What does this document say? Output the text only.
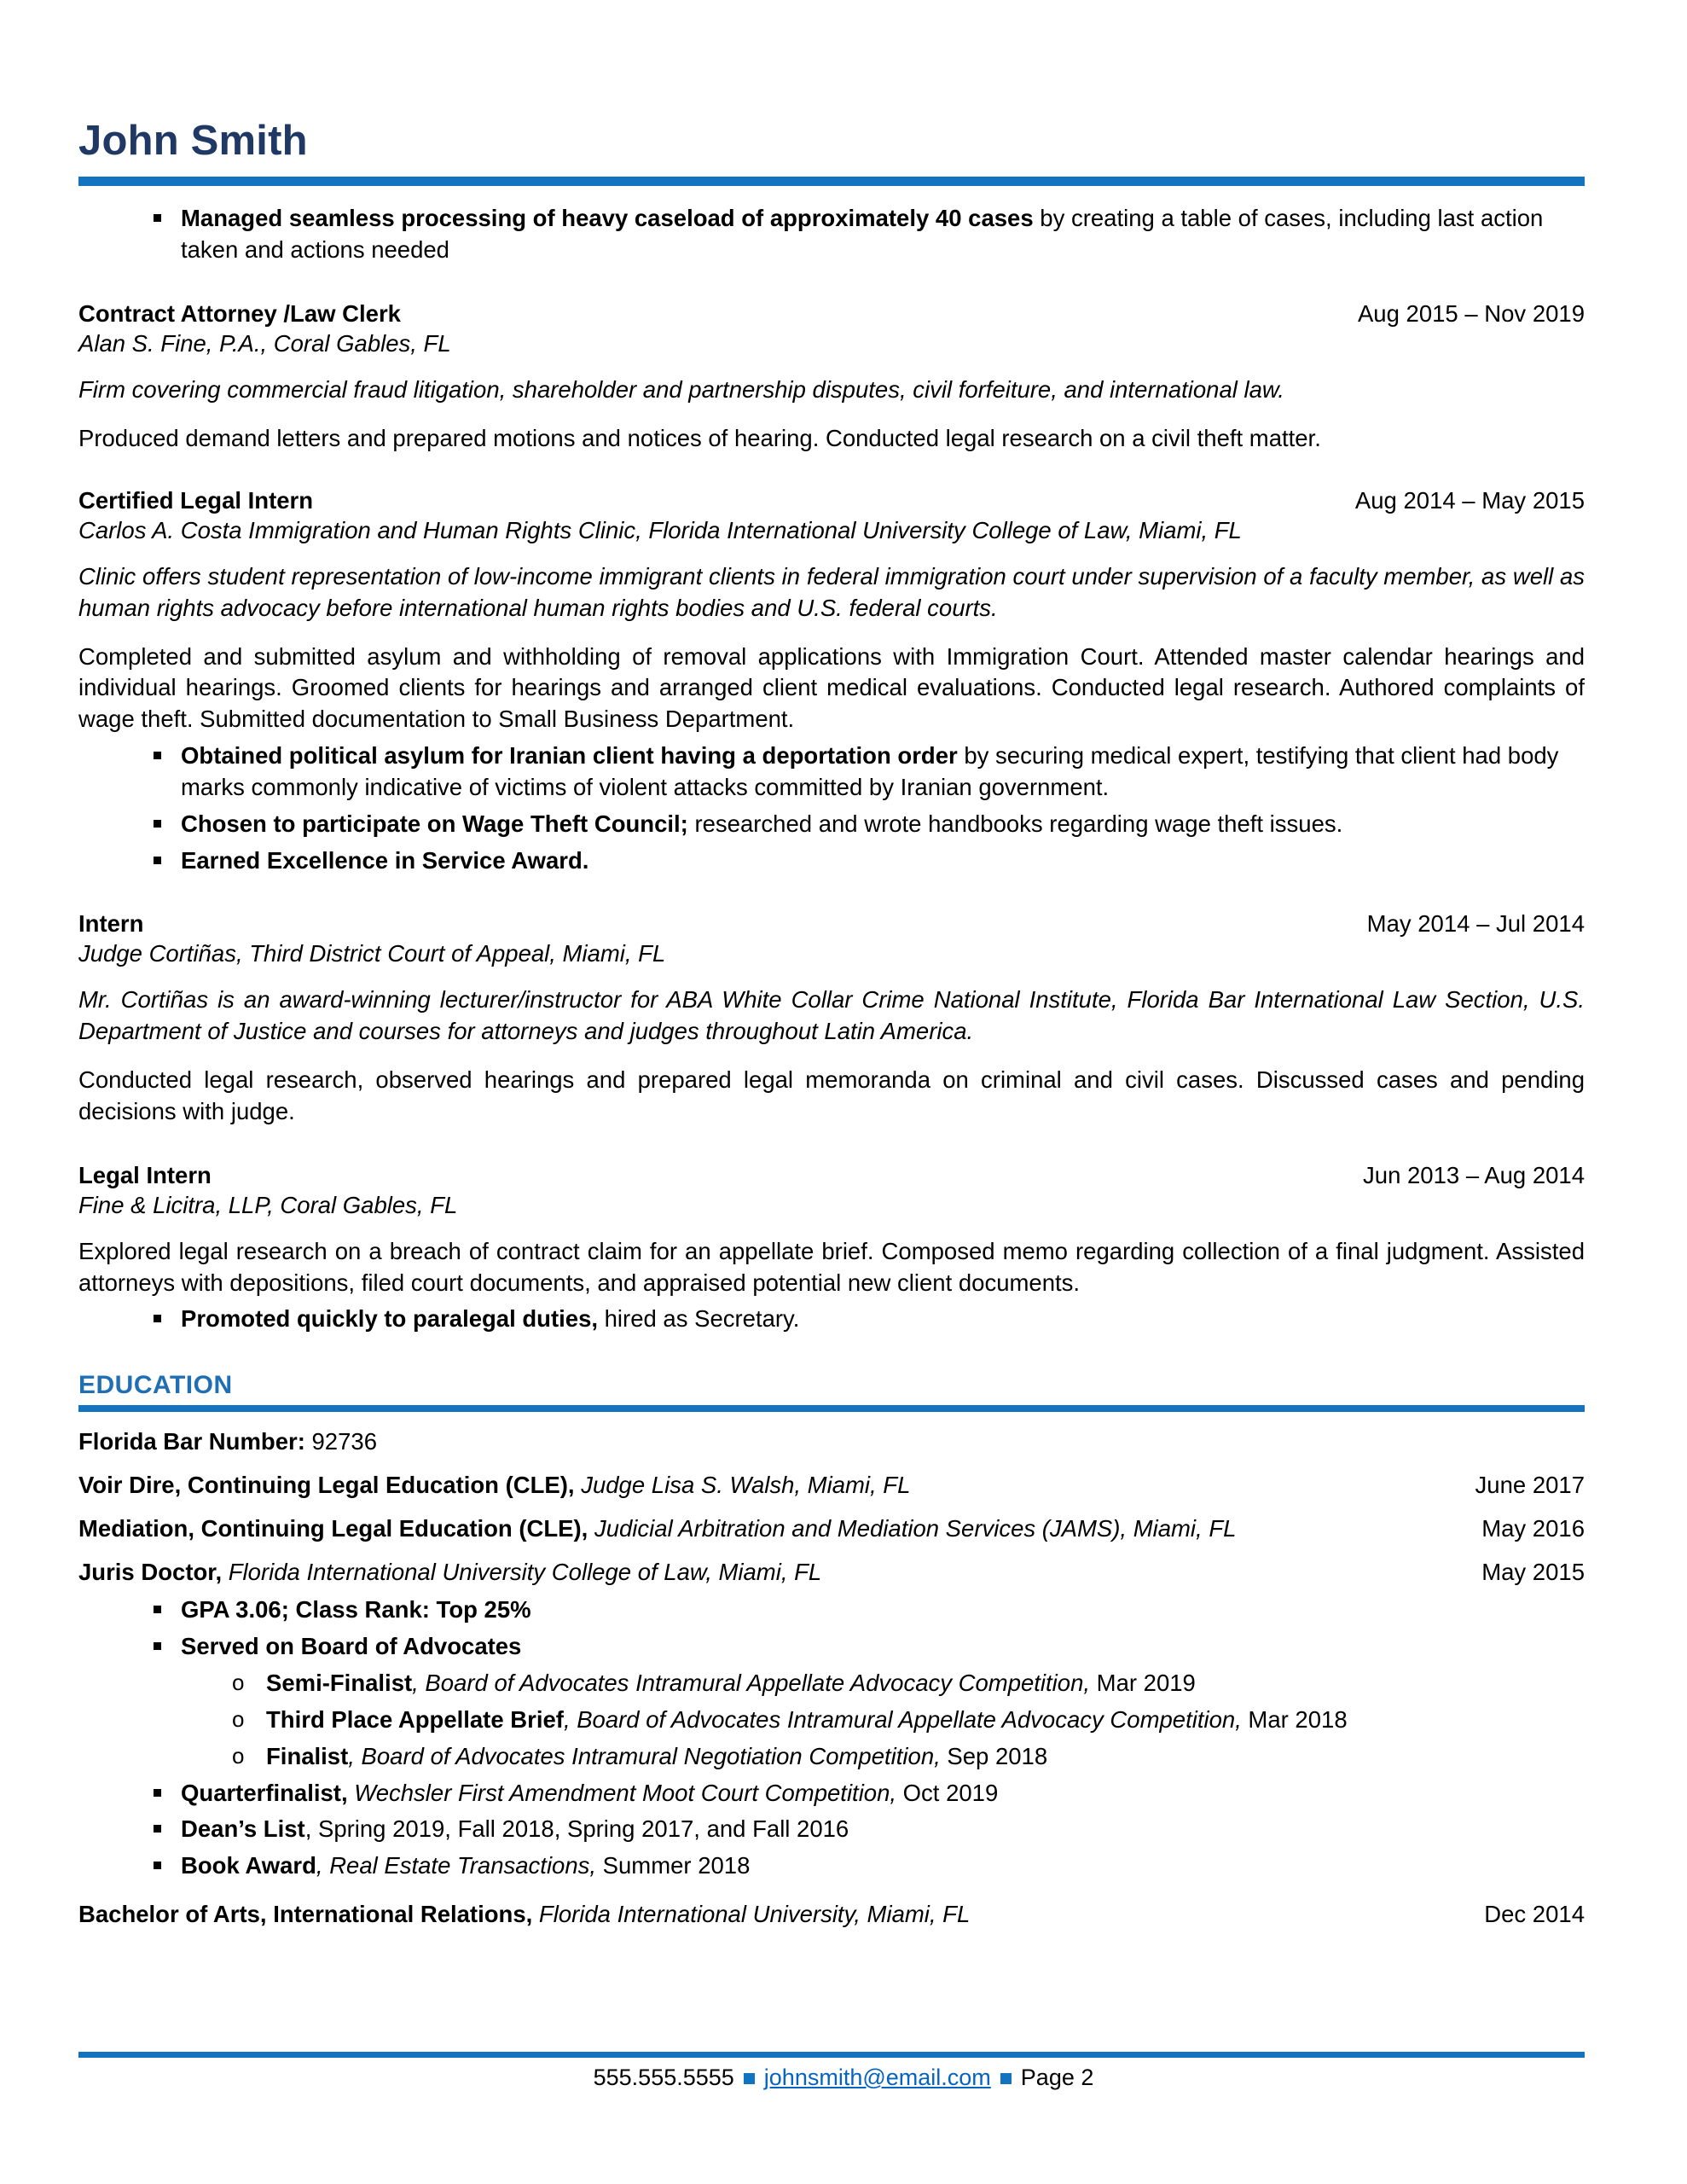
John Smith
Managed seamless processing of heavy caseload of approximately 40 cases by creating a table of cases, including last action taken and actions needed
Contract Attorney /Law Clerk	Aug 2015 – Nov 2019
Alan S. Fine, P.A., Coral Gables, FL
Firm covering commercial fraud litigation, shareholder and partnership disputes, civil forfeiture, and international law.
Produced demand letters and prepared motions and notices of hearing. Conducted legal research on a civil theft matter.
Certified Legal Intern	Aug 2014 – May 2015
Carlos A. Costa Immigration and Human Rights Clinic, Florida International University College of Law, Miami, FL
Clinic offers student representation of low-income immigrant clients in federal immigration court under supervision of a faculty member, as well as human rights advocacy before international human rights bodies and U.S. federal courts.
Completed and submitted asylum and withholding of removal applications with Immigration Court. Attended master calendar hearings and individual hearings. Groomed clients for hearings and arranged client medical evaluations. Conducted legal research. Authored complaints of wage theft. Submitted documentation to Small Business Department.
Obtained political asylum for Iranian client having a deportation order by securing medical expert, testifying that client had body marks commonly indicative of victims of violent attacks committed by Iranian government.
Chosen to participate on Wage Theft Council; researched and wrote handbooks regarding wage theft issues.
Earned Excellence in Service Award.
Intern	May 2014 – Jul 2014
Judge Cortiñas, Third District Court of Appeal, Miami, FL
Mr. Cortiñas is an award-winning lecturer/instructor for ABA White Collar Crime National Institute, Florida Bar International Law Section, U.S. Department of Justice and courses for attorneys and judges throughout Latin America.
Conducted legal research, observed hearings and prepared legal memoranda on criminal and civil cases. Discussed cases and pending decisions with judge.
Legal Intern	Jun 2013 – Aug 2014
Fine & Licitra, LLP, Coral Gables, FL
Explored legal research on a breach of contract claim for an appellate brief. Composed memo regarding collection of a final judgment. Assisted attorneys with depositions, filed court documents, and appraised potential new client documents.
Promoted quickly to paralegal duties, hired as Secretary.
EDUCATION
Florida Bar Number: 92736
Voir Dire, Continuing Legal Education (CLE), Judge Lisa S. Walsh, Miami, FL	June 2017
Mediation, Continuing Legal Education (CLE), Judicial Arbitration and Mediation Services (JAMS), Miami, FL	May 2016
Juris Doctor, Florida International University College of Law, Miami, FL	May 2015
GPA 3.06; Class Rank: Top 25%
Served on Board of Advocates
o Semi-Finalist, Board of Advocates Intramural Appellate Advocacy Competition, Mar 2019
o Third Place Appellate Brief, Board of Advocates Intramural Appellate Advocacy Competition, Mar 2018
o Finalist, Board of Advocates Intramural Negotiation Competition, Sep 2018
Quarterfinalist, Wechsler First Amendment Moot Court Competition, Oct 2019
Dean’s List, Spring 2019, Fall 2018, Spring 2017, and Fall 2016
Book Award, Real Estate Transactions, Summer 2018
Bachelor of Arts, International Relations, Florida International University, Miami, FL	Dec 2014
555.555.5555 johnsmith@email.com Page 2
